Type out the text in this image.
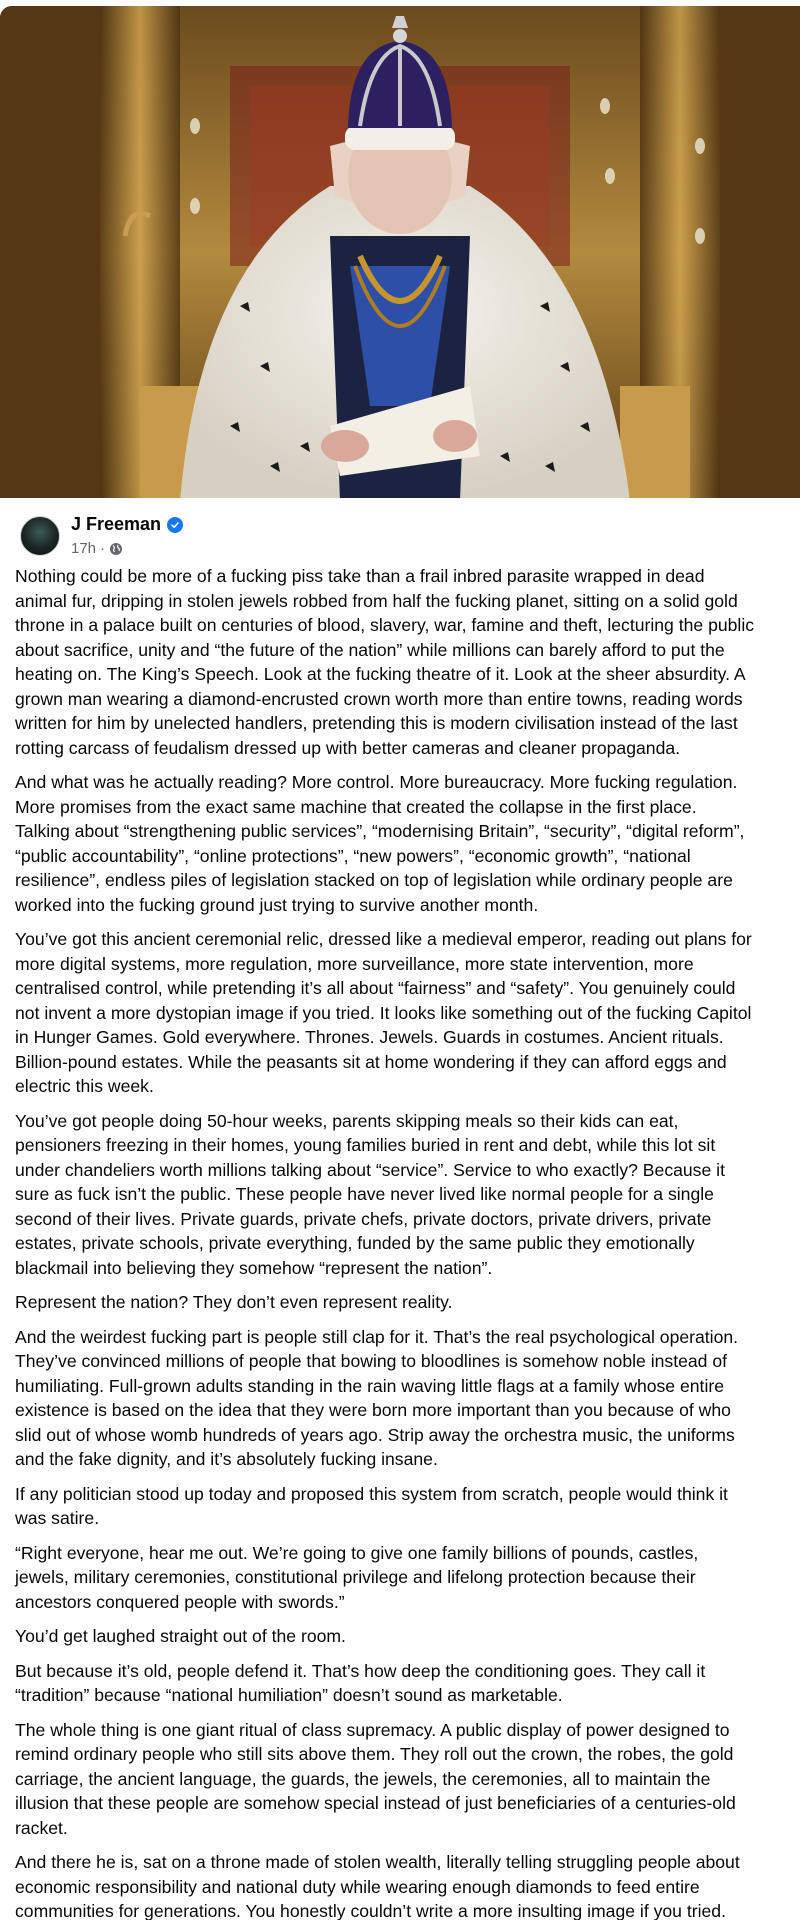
J Freeman
17h ·
Nothing could be more of a fucking piss take than a frail inbred parasite wrapped in dead
animal fur, dripping in stolen jewels robbed from half the fucking planet, sitting on a solid gold
throne in a palace built on centuries of blood, slavery, war, famine and theft, lecturing the public
about sacrifice, unity and “the future of the nation” while millions can barely afford to put the
heating on. The King’s Speech. Look at the fucking theatre of it. Look at the sheer absurdity. A
grown man wearing a diamond-encrusted crown worth more than entire towns, reading words
written for him by unelected handlers, pretending this is modern civilisation instead of the last
rotting carcass of feudalism dressed up with better cameras and cleaner propaganda.
And what was he actually reading? More control. More bureaucracy. More fucking regulation.
More promises from the exact same machine that created the collapse in the first place.
Talking about “strengthening public services”, “modernising Britain”, “security”, “digital reform”,
“public accountability”, “online protections”, “new powers”, “economic growth”, “national
resilience”, endless piles of legislation stacked on top of legislation while ordinary people are
worked into the fucking ground just trying to survive another month.
You’ve got this ancient ceremonial relic, dressed like a medieval emperor, reading out plans for
more digital systems, more regulation, more surveillance, more state intervention, more
centralised control, while pretending it’s all about “fairness” and “safety”. You genuinely could
not invent a more dystopian image if you tried. It looks like something out of the fucking Capitol
in Hunger Games. Gold everywhere. Thrones. Jewels. Guards in costumes. Ancient rituals.
Billion-pound estates. While the peasants sit at home wondering if they can afford eggs and
electric this week.
You’ve got people doing 50-hour weeks, parents skipping meals so their kids can eat,
pensioners freezing in their homes, young families buried in rent and debt, while this lot sit
under chandeliers worth millions talking about “service”. Service to who exactly? Because it
sure as fuck isn’t the public. These people have never lived like normal people for a single
second of their lives. Private guards, private chefs, private doctors, private drivers, private
estates, private schools, private everything, funded by the same public they emotionally
blackmail into believing they somehow “represent the nation”.
Represent the nation? They don’t even represent reality.
And the weirdest fucking part is people still clap for it. That’s the real psychological operation.
They’ve convinced millions of people that bowing to bloodlines is somehow noble instead of
humiliating. Full-grown adults standing in the rain waving little flags at a family whose entire
existence is based on the idea that they were born more important than you because of who
slid out of whose womb hundreds of years ago. Strip away the orchestra music, the uniforms
and the fake dignity, and it’s absolutely fucking insane.
If any politician stood up today and proposed this system from scratch, people would think it
was satire.
“Right everyone, hear me out. We’re going to give one family billions of pounds, castles,
jewels, military ceremonies, constitutional privilege and lifelong protection because their
ancestors conquered people with swords.”
You’d get laughed straight out of the room.
But because it’s old, people defend it. That’s how deep the conditioning goes. They call it
“tradition” because “national humiliation” doesn’t sound as marketable.
The whole thing is one giant ritual of class supremacy. A public display of power designed to
remind ordinary people who still sits above them. They roll out the crown, the robes, the gold
carriage, the ancient language, the guards, the jewels, the ceremonies, all to maintain the
illusion that these people are somehow special instead of just beneficiaries of a centuries-old
racket.
And there he is, sat on a throne made of stolen wealth, literally telling struggling people about
economic responsibility and national duty while wearing enough diamonds to feed entire
communities for generations. You honestly couldn’t write a more insulting image if you tried.
